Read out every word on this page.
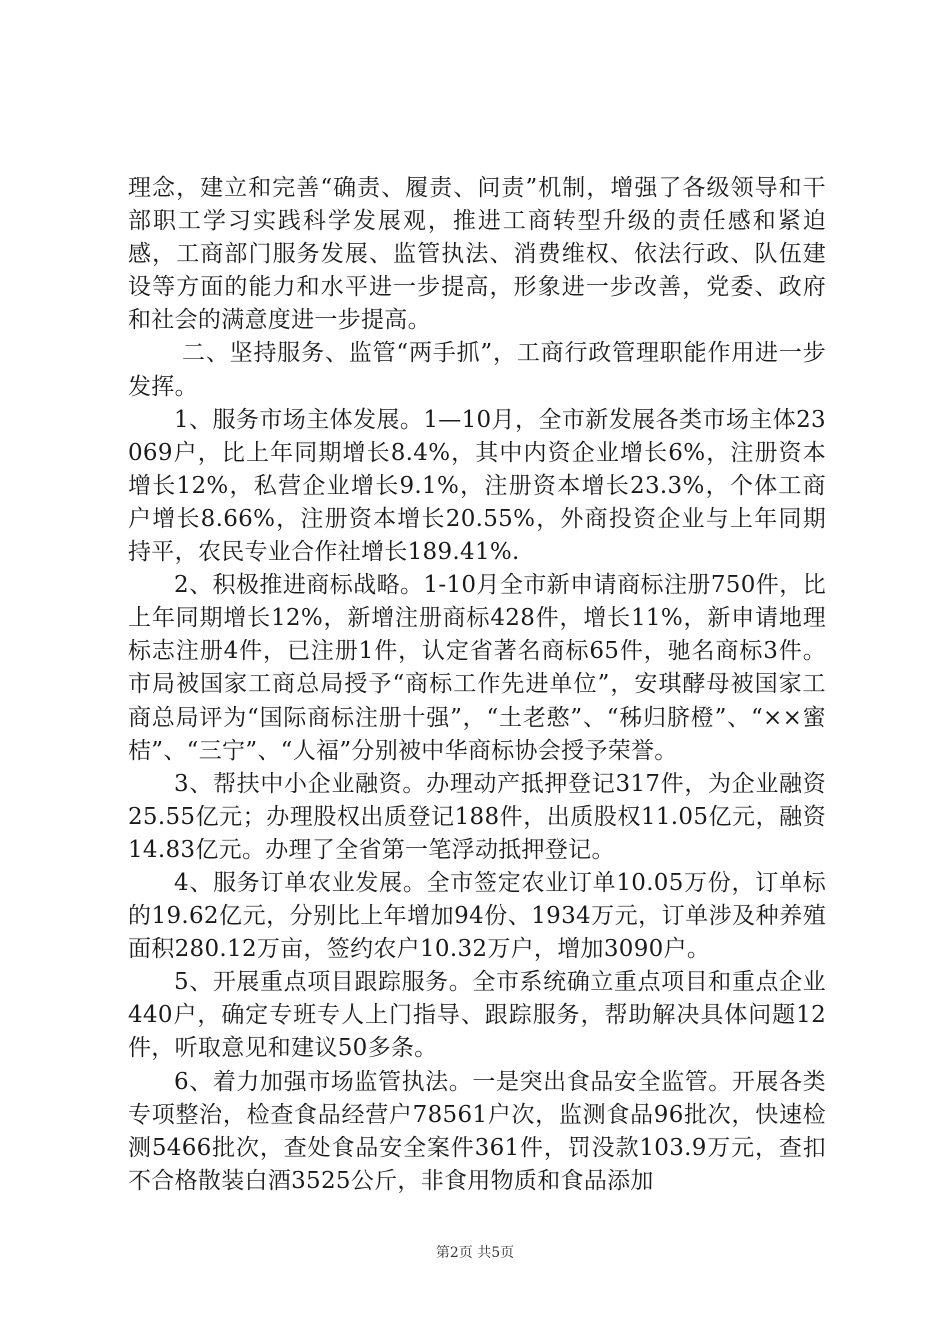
理念，建立和完善“确责、履责、问责”机制，增强了各级领导和干部职工学习实践科学发展观，推进工商转型升级的责任感和紧迫感，工商部门服务发展、监管执法、消费维权、依法行政、队伍建设等方面的能力和水平进一步提高，形象进一步改善，党委、政府和社会的满意度进一步提高。

二、坚持服务、监管“两手抓”，工商行政管理职能作用进一步发挥。

1、服务市场主体发展。1—10月，全市新发展各类市场主体23069户，比上年同期增长8.4%，其中内资企业增长6%，注册资本增长12%，私营企业增长9.1%，注册资本增长23.3%，个体工商户增长8.66%，注册资本增长20.55%，外商投资企业与上年同期持平，农民专业合作社增长189.41%.

2、积极推进商标战略。1-10月全市新申请商标注册750件，比上年同期增长12%，新增注册商标428件，增长11%，新申请地理标志注册4件，已注册1件，认定省著名商标65件，驰名商标3件。市局被国家工商总局授予“商标工作先进单位”，安琪酵母被国家工商总局评为“国际商标注册十强”，“土老憨”、“秭归脐橙”、“××蜜桔”、“三宁”、“人福”分别被中华商标协会授予荣誉。

3、帮扶中小企业融资。办理动产抵押登记317件，为企业融资25.55亿元；办理股权出质登记188件，出质股权11.05亿元，融资14.83亿元。办理了全省第一笔浮动抵押登记。

4、服务订单农业发展。全市签定农业订单10.05万份，订单标的19.62亿元，分别比上年增加94份、1934万元，订单涉及种养殖面积280.12万亩，签约农户10.32万户，增加3090户。

5、开展重点项目跟踪服务。全市系统确立重点项目和重点企业440户，确定专班专人上门指导、跟踪服务，帮助解决具体问题12件，听取意见和建议50多条。

6、着力加强市场监管执法。一是突出食品安全监管。开展各类专项整治，检查食品经营户78561户次，监测食品96批次，快速检测5466批次，查处食品安全案件361件，罚没款103.9万元，查扣不合格散装白酒3525公斤，非食用物质和食品添加

第2页 共5页
